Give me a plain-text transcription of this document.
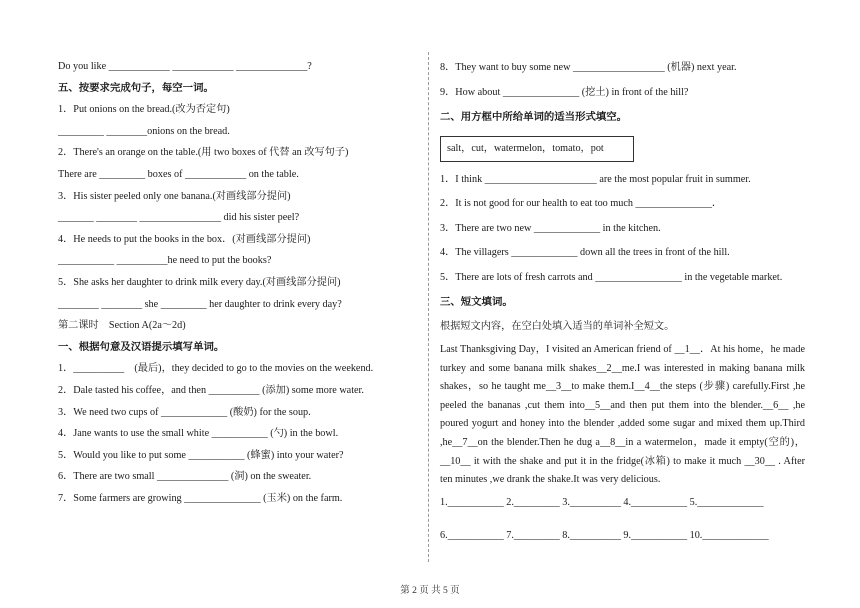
Do you like ____________ ____________ ______________?
五、按要求完成句子，每空一词。
1．Put onions on the bread.(改为否定句)
_________ ________onions on the bread.
2．There's an orange on the table.(用 two boxes of 代替 an 改写句子)
There are _________ boxes of ____________ on the table.
3．His sister peeled only one banana.(对画线部分提问)
_______ ________ ________________ did his sister peel?
4．He needs to put the books in the box．(对画线部分提问)
___________ __________he need to put the books?
5．She asks her daughter to drink milk every day.(对画线部分提问)
________ ________ she _________ her daughter to drink every day?
第二课时　Section A(2a～2d)
一、根据句意及汉语提示填写单词。
1．__________　(最后)，they decided to go to the movies on the weekend.
2．Dale tasted his coffee，and then __________ (添加) some more water.
3．We need two cups of _____________ (酸奶) for the soup.
4．Jane wants to use the small white ___________ (勺) in the bowl.
5．Would you like to put some ___________ (蜂蜜) into your water?
6．There are two small ______________ (洞) on the sweater.
7．Some farmers are growing _______________ (玉米) on the farm.
8．They want to buy some new __________________ (机器) next year.
9．How about _______________ (挖土) in front of the hill?
二、用方框中所给单词的适当形式填空。
salt，cut，watermelon，tomato，pot
1．I think ______________________ are the most popular fruit in summer.
2．It is not good for our health to eat too much _______________．
3．There are two new _____________ in the kitchen.
4．The villagers _____________ down all the trees in front of the hill.
5．There are lots of fresh carrots and _________________ in the vegetable market.
三、短文填词。
根据短文内容，在空白处填入适当的单词补全短文。
Last Thanksgiving Day，I visited an American friend of __1__．At his home，he made turkey and some banana milk shakes__2__me.I was interested in making banana milk shakes，so he taught me__3__to make them.I__4__the steps (步骤) carefully.First ,he peeled the bananas ,cut them into__5__and then put them into the blender.__6__ ,he poured yogurt and honey into the blender ,added some sugar and mixed them up.Third ,he__7__on the blender.Then he dug a__8__in a watermelon，made it empty(空的)，__10__ it with the shake and put it in the fridge(冰箱) to make it much __30__ . After ten minutes ,we drank the shake.It was very delicious.
1.___________ 2._________ 3.__________ 4.___________ 5._____________
6.___________ 7._________ 8.__________ 9.___________ 10._____________
第 2 页 共 5 页
